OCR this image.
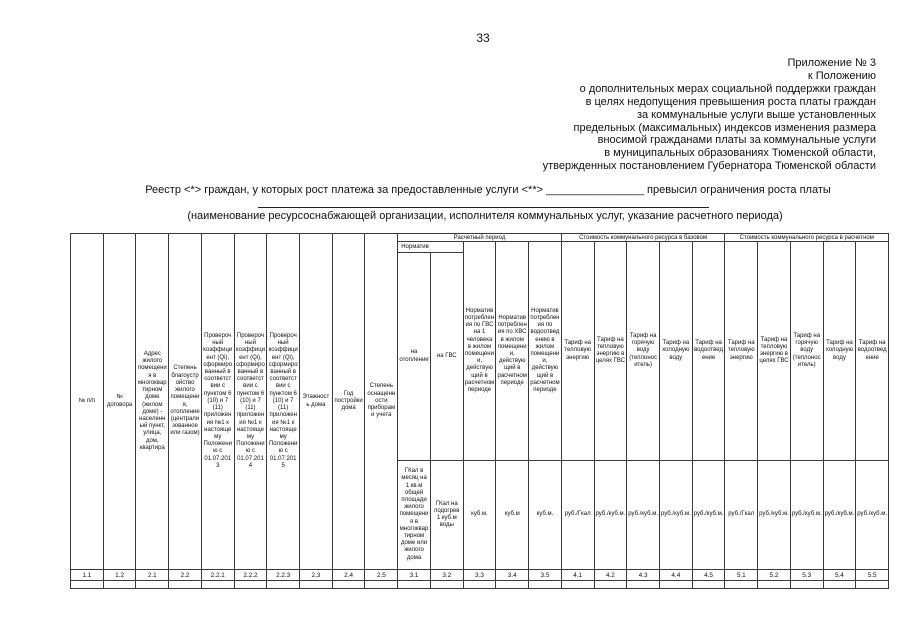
33
Приложение № 3
к Положению
о дополнительных мерах социальной поддержки граждан
в целях недопущения превышения роста платы граждан
за коммунальные услуги выше установленных
предельных (максимальных) индексов изменения размера
вносимой гражданами платы за коммунальные услуги
в муниципальных образованиях Тюменской области,
утвержденных постановлением Губернатора Тюменской области
Реестр <*> граждан, у которых рост платежа за предоставленные услуги <**> ________________ превысил ограничения роста платы
(наименование ресурсоснабжающей организации, исполнителя коммунальных услуг, указание расчетного периода)
№ п/п	№ договора	Адрес жилого помещения в многоквартирном доме (жилом доме) - населенный пункт, улица, дом, квартира	Степень благоустройство жилого помещения, отопление (централизованное или газом)	Проверочный коэффициент (Qi), сформированный в соответствии с пунктом 6 (10) и 7 (11) приложения №1 к настоящему Положению с 01.07.2013	Проверочный коэффициент (Qi), сформированный в соответствии с пунктом 6 (10) и 7 (11) приложения №1 к настоящему Положению с 01.07.2014	Проверочный коэффициент (Qi), сформированный в соответствии с пунктом 6 (10) и 7 (11) приложения №1 к настоящему Положению с 01.07.2015	Этажность дома	Год постройки дома	Степень оснащенности приборами учета	Расчетный период					Стоимость коммунального ресурса в базовом					Стоимость коммунального ресурса в расчетном				
										Норматив		Норматив потребления по ГВС на 1 человека в жилом помещении, действующий в расчетном периоде	Норматив потребления по ХВС в жилом помещении, действующий в расчетном периоде	Норматив потребления по водоотведению в жилом помещении, действующий в расчетном периоде	Тариф на тепловую энергию	Тариф на тепловую энергию в целях ГВС	Тариф на горячую воду (теплоноситель)	Тариф на холодную воду	Тариф на водоотведение	Тариф на тепловую энергию	Тариф на тепловую энергию в целях ГВС	Тариф на горячую воду (теплоноситель)	Тариф на холодную воду	Тариф на водоотведение
										на отопление	на ГВС													
										ГКал в месяц на 1 кв.м общей площади жилого помещения в многоквартирном доме или жилого дома	ГКал на подогрев 1 куб.м воды	куб.м.	куб.м	куб.м.	руб./Гкал	руб./куб.м.	руб./куб.м.	руб./куб.м.	руб./куб.м.	руб./Гкал	руб./куб.м.	руб./куб.м.	руб./куб.м.	руб./куб.м.
1.1	1.2	2.1	2.2	2.2.1	2.2.2	2.2.3	2.3	2.4	2.5	3.1	3.2	3.3	3.4	3.5	4.1	4.2	4.3	4.4	4.5	5.1	5.2	5.3	5.4	5.5
